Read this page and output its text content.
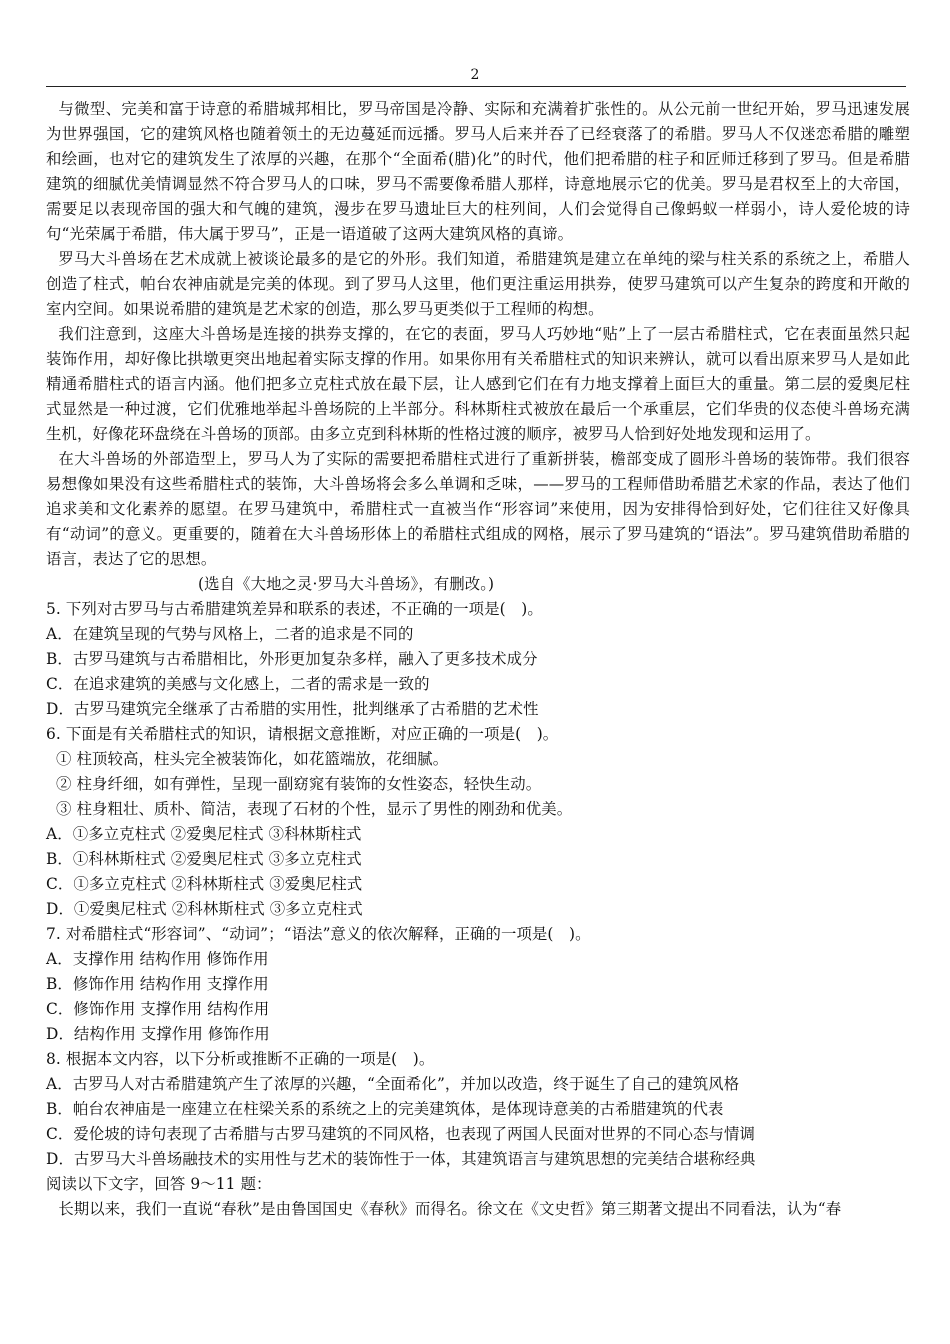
2

与微型、完美和富于诗意的希腊城邦相比，罗马帝国是冷静、实际和充满着扩张性的。从公元前一世纪开始，罗马迅速发展为世界强国，它的建筑风格也随着领土的无边蔓延而远播。罗马人后来并吞了已经衰落了的希腊。罗马人不仅迷恋希腊的雕塑和绘画，也对它的建筑发生了浓厚的兴趣，在那个“全面希(腊)化”的时代，他们把希腊的柱子和匠师迁移到了罗马。但是希腊建筑的细腻优美情调显然不符合罗马人的口味，罗马不需要像希腊人那样，诗意地展示它的优美。罗马是君权至上的大帝国，需要足以表现帝国的强大和气魄的建筑，漫步在罗马遗址巨大的柱列间，人们会觉得自己像蚂蚁一样弱小，诗人爱伦坡的诗句“光荣属于希腊，伟大属于罗马”，正是一语道破了这两大建筑风格的真谛。

罗马大斗兽场在艺术成就上被谈论最多的是它的外形。我们知道，希腊建筑是建立在单纯的梁与柱关系的系统之上，希腊人创造了柱式，帕台农神庙就是完美的体现。到了罗马人这里，他们更注重运用拱券，使罗马建筑可以产生复杂的跨度和开敞的室内空间。如果说希腊的建筑是艺术家的创造，那么罗马更类似于工程师的构想。

我们注意到，这座大斗兽场是连接的拱券支撑的，在它的表面，罗马人巧妙地“贴”上了一层古希腊柱式，它在表面虽然只起装饰作用，却好像比拱墩更突出地起着实际支撑的作用。如果你用有关希腊柱式的知识来辨认，就可以看出原来罗马人是如此精通希腊柱式的语言内涵。他们把多立克柱式放在最下层，让人感到它们在有力地支撑着上面巨大的重量。第二层的爱奥尼柱式显然是一种过渡，它们优雅地举起斗兽场院的上半部分。科林斯柱式被放在最后一个承重层，它们华贵的仪态使斗兽场充满生机，好像花环盘绕在斗兽场的顶部。由多立克到科林斯的性格过渡的顺序，被罗马人恰到好处地发现和运用了。

在大斗兽场的外部造型上，罗马人为了实际的需要把希腊柱式进行了重新拼装，檐部变成了圆形斗兽场的装饰带。我们很容易想像如果没有这些希腊柱式的装饰，大斗兽场将会多么单调和乏味，——罗马的工程师借助希腊艺术家的作品，表达了他们追求美和文化素养的愿望。在罗马建筑中，希腊柱式一直被当作“形容词”来使用，因为安排得恰到好处，它们往往又好像具有“动词”的意义。更重要的，随着在大斗兽场形体上的希腊柱式组成的网格，展示了罗马建筑的“语法”。罗马建筑借助希腊的语言，表达了它的思想。

(选自《大地之灵·罗马大斗兽场》，有删改。)

5. 下列对古罗马与古希腊建筑差异和联系的表述，不正确的一项是(　)。

A．在建筑呈现的气势与风格上，二者的追求是不同的

B．古罗马建筑与古希腊相比，外形更加复杂多样，融入了更多技术成分

C．在追求建筑的美感与文化感上，二者的需求是一致的

D．古罗马建筑完全继承了古希腊的实用性，批判继承了古希腊的艺术性

6. 下面是有关希腊柱式的知识，请根据文意推断，对应正确的一项是(　)。

① 柱顶较高，柱头完全被装饰化，如花篮端放，花细腻。

② 柱身纤细，如有弹性，呈现一副窈窕有装饰的女性姿态，轻快生动。

③ 柱身粗壮、质朴、简洁，表现了石材的个性，显示了男性的刚劲和优美。

A．①多立克柱式 ②爱奥尼柱式 ③科林斯柱式

B．①科林斯柱式 ②爱奥尼柱式 ③多立克柱式

C．①多立克柱式 ②科林斯柱式 ③爱奥尼柱式

D．①爱奥尼柱式 ②科林斯柱式 ③多立克柱式

7. 对希腊柱式“形容词”、“动词”；“语法”意义的依次解释，正确的一项是(　)。

A．支撑作用 结构作用 修饰作用

B．修饰作用 结构作用 支撑作用

C．修饰作用 支撑作用 结构作用

D．结构作用 支撑作用 修饰作用

8. 根据本文内容，以下分析或推断不正确的一项是(　)。

A．古罗马人对古希腊建筑产生了浓厚的兴趣，“全面希化”，并加以改造，终于诞生了自己的建筑风格

B．帕台农神庙是一座建立在柱梁关系的系统之上的完美建筑体，是体现诗意美的古希腊建筑的代表

C．爱伦坡的诗句表现了古希腊与古罗马建筑的不同风格，也表现了两国人民面对世界的不同心态与情调

D．古罗马大斗兽场融技术的实用性与艺术的装饰性于一体，其建筑语言与建筑思想的完美结合堪称经典

阅读以下文字，回答 9～11 题：

长期以来，我们一直说“春秋”是由鲁国国史《春秋》而得名。徐文在《文史哲》第三期著文提出不同看法，认为“春
